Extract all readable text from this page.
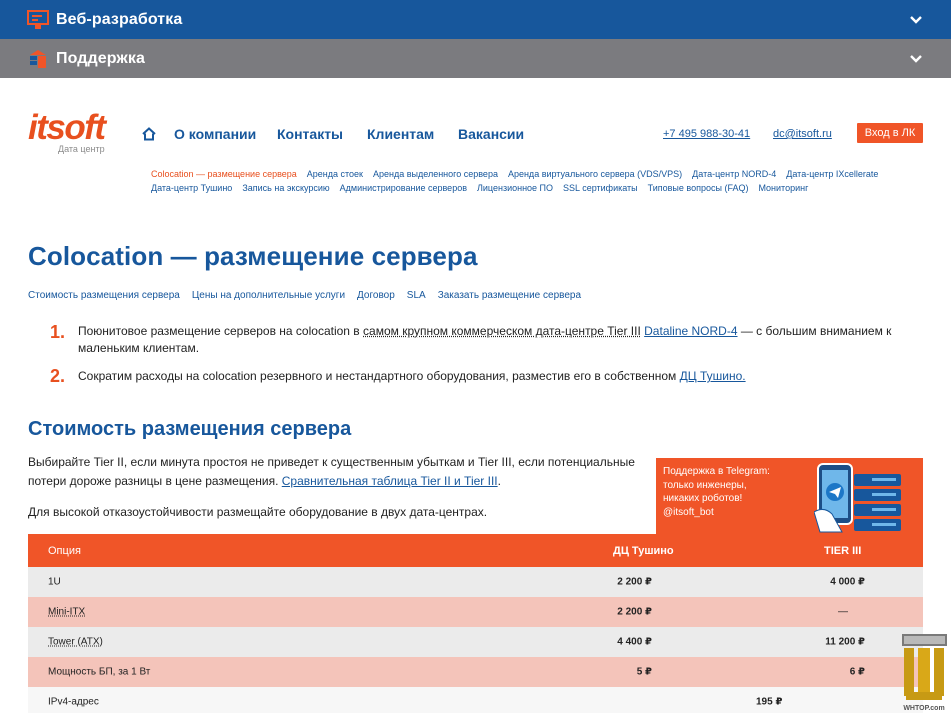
Веб-разработка
Поддержка
itsoft
Дата центр
О компании Контакты Клиентам Вакансии	+7 495 988-30-41 dc@itsoft.ru	Вход в ЛК
Colocation — размещение сервера Аренда стоек Аренда выделенного сервера Аренда виртуального сервера (VDS/VPS) Дата-центр NORD-4 Дата-центр IXcellerate
Дата-центр Тушино Запись на экскурсию Администрирование серверов Лицензионное ПО SSL сертификаты Типовые вопросы (FAQ) Мониторинг
Colocation — размещение сервера
Стоимость размещения сервера Цены на дополнительные услуги Договор SLA Заказать размещение сервера
1. Поюнитовое размещение серверов на colocation в самом крупном коммерческом дата-центре Tier III Dataline NORD-4 — с большим вниманием к маленьким клиентам.
2. Сократим расходы на colocation резервного и нестандартного оборудования, разместив его в собственном ДЦ Тушино.
Стоимость размещения сервера
Выбирайте Tier II, если минута простоя не приведет к существенным убыткам и Tier III, если потенциальные потери дороже разницы в цене размещения. Сравнительная таблица Tier II и Tier III.
Для высокой отказоустойчивости размещайте оборудование в двух дата-центрах.
Поддержка в Telegram:
только инженеры,
никаких роботов!
@itsoft_bot
Опция	ДЦ Тушино	TIER III
1U	2 200 ₽	4 000 ₽
Mini-ITX	2 200 ₽	—
Tower (ATX)	4 400 ₽	11 200 ₽
Мощность БП, за 1 Вт	5 ₽	6 ₽
IPv4-адрес	195 ₽
WHTOP.com
